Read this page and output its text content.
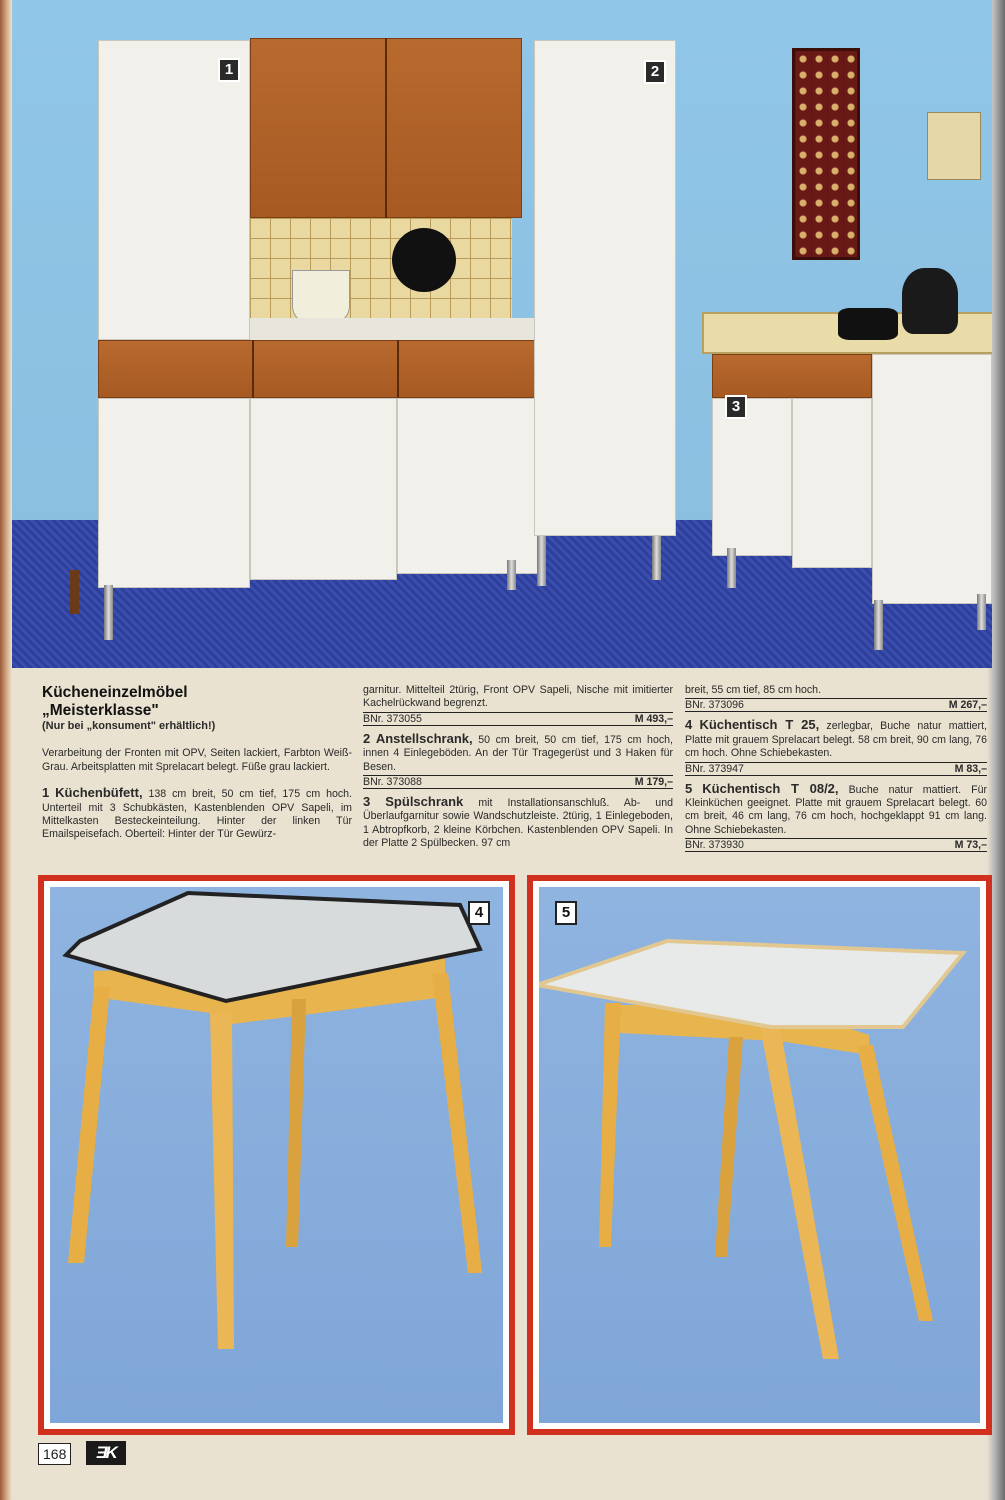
1	2
3
Kücheneinzelmöbel
„Meisterklasse"
(Nur bei „konsument" erhältlich!)

Verarbeitung der Fronten mit OPV, Seiten lackiert, Farbton Weiß-Grau. Arbeitsplatten mit Sprelacart belegt. Füße grau lackiert.

1 Küchenbüfett, 138 cm breit, 50 cm tief, 175 cm hoch. Unterteil mit 3 Schubkästen, Kastenblenden OPV Sapeli, im Mittelkasten Besteckeinteilung. Hinter der linken Tür Emailspeisefach. Oberteil: Hinter der Tür Gewürz-

garnitur. Mittelteil 2türig, Front OPV Sapeli, Nische mit imitierter Kachelrückwand begrenzt.

BNr. 373055	M 493,–

2 Anstellschrank, 50 cm breit, 50 cm tief, 175 cm hoch, innen 4 Einlegeböden. An der Tür Tragegerüst und 3 Haken für Besen.

BNr. 373088	M 179,–

3 Spülschrank mit Installationsanschluß. Ab- und Überlaufgarnitur sowie Wandschutzleiste. 2türig, 1 Einlegeboden, 1 Abtropfkorb, 2 kleine Körbchen. Kastenblenden OPV Sapeli. In der Platte 2 Spülbecken. 97 cm

breit, 55 cm tief, 85 cm hoch.

BNr. 373096	M 267,–

4 Küchentisch T 25, zerlegbar, Buche natur mattiert, Platte mit grauem Sprelacart belegt. 58 cm breit, 90 cm lang, 76 cm hoch. Ohne Schiebekasten.

BNr. 373947	M 83,–

5 Küchentisch T 08/2, Buche natur mattiert. Für Kleinküchen geeignet. Platte mit grauem Sprelacart belegt. 60 cm breit, 46 cm lang, 76 cm hoch, hochgeklappt 91 cm lang. Ohne Schiebekasten.

BNr. 373930	M 73,–
4	5
168	ƎK
